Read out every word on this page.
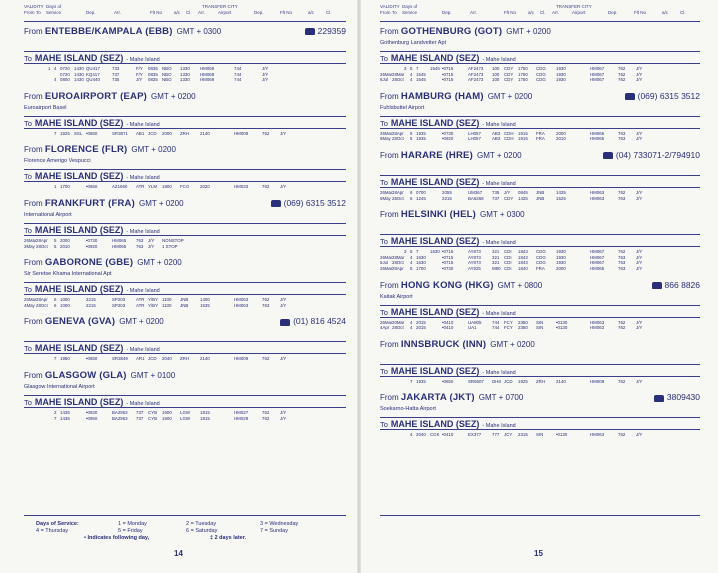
VALIDITY Days of	TRANSFER CITY
From To Service	Dep.	Arr.	Flt No	a/c Cl. Arr.	Airport	Dep.	Flt No	a/c	Cl.
From ENTEBBE/KAMPALA (EBB) GMT + 0300	229359
To MAHE ISLAND (SEZ) - Mahe Island
1 4 0720 1430 QU417	733	F/Y 0835 NBO 1330 HM069	744	J/Y
0720 1430 KQ417	737	F/Y 0835 NBO 1330 HM069	744	J/Y
4 0800 1430 QU440	735	J/Y 0835 NBO 1330 HM069	744	J/Y
From EUROAIRPORT (EAP) GMT + 0200
Euroairport Basel
To MAHE ISLAND (SEZ) - Mahe Island
7 1925 SSL •0650	SR3871 AB1 JCD 2000 ZRH 2140	HM009	762 J/Y
From FLORENCE (FLR) GMT + 0200
Florence Amerigo Vespucci
To MAHE ISLAND (SEZ) - Mahe Island
1 1700	•0650	AZ1660 ATR YLM 1800 FCO 2020	HM033	762 J/Y
From FRANKFURT (FRA) GMT + 0200	(069) 6315 3512
International Airport
To MAHE ISLAND (SEZ) - Mahe Island
26Mar 28Apr 5 2000	•0730	HM065 763 J/Y NONSTOP
3May 28Oct 5 2010	•0920	HM065 763 J/Y 1 STOP
From GABORONE (GBE) GMT + 0200
Sir Seretse Khama International Apt
To MAHE ISLAND (SEZ) - Mahe Island
26Mar 28Apr 6 1000	2215	SP203 ATR Y/BY 1100 JNB	1400	HM063	762 J/Y
4May 28Oct 6 1000	2215	SP203 ATR Y/BY 1100 JNB	1535	HM063	763 J/Y
From GENEVA (GVA) GMT + 0200	(01) 816 4524
To MAHE ISLAND (SEZ) - Mahe Island
7 1950	•0650	SR3849 AR1 JCD 2040 ZRH 2140	HM009	762 J/Y
From GLASGOW (GLA) GMT + 0100
Glasgow International Airport
To MAHE ISLAND (SEZ) - Mahe Island
2 1435	•0930	BA2963 737 CYB 1600 LGW 1815	HM027	762 J/Y
7 1435	•0950	BA2963 737 CYB 1600 LGW 1815	HM029	762 J/Y
Days of Service:	1 = Monday	2 = Tuesday	3 = Wednesday
4 = Thursday	5 = Friday	6 = Saturday	7 = Sunday
• Indicates following day,	‡ 2 days later.
14
VALIDITY Days of	TRANSFER CITY
From To Service	Dep.	Arr.	Flt No	a/c Cl. Arr.	Airport	Dep.	Flt No	a/c	Cl.
From GOTHENBURG (GOT) GMT + 0200
Gothenburg Landvetter Apt
To MAHE ISLAND (SEZ) - Mahe Island
3 5 7	1545 •0715	AF2473 100 CDY 1750 CDG 1930	HM067	762 J/Y
26Mar 28Mar 4 1545	•0715	AF2473 100 CDY 1750 CDG 1930	HM067	762 J/Y
6Jul 28Oct 4 1545	•0715	AF2473 100 CDY 1750 CDG 1930	HM067	762 J/Y
From HAMBURG (HAM) GMT + 0200	(069) 6315 3512
Fuhlsbuttel Airport
To MAHE ISLAND (SEZ) - Mahe Island
26Mar 28Apr 5 1935	•0730	LH057	AB3 CDH 1915 FRA	2000	HM065	763 J/Y
5May 28Oct 5 1935	•0920	LH057	AB3 CDH 1915 FRA	2010	HM065	763 J/Y
From HARARE (HRE) GMT + 0200	(04) 733071-2/794910
To MAHE ISLAND (SEZ) - Mahe Island
26Mar 28Apr 6 0700	2055	UM367 735 J/Y 0845 JNB	1435	HM063	762 J/Y
5May 28Oct 6 1245	2215	BA6268 737 CDY 1425 JNB	1525	HM063	763 J/Y
From HELSINKI (HEL) GMT + 0300
To MAHE ISLAND (SEZ) - Mahe Island
3 5 7	1630 •0715	AY873	321 CDI 1843 CDG 1930	HM067	762 J/Y
26Mar 28Mar 4 1630	•0715	AY873	321 CDI 1843 CDG 1930	HM067	763 J/Y
6Jul 28Oct 4 1630	•0715	AY873	321 CDI 1843 CDG 1930	HM067	763 J/Y
26Mar 28Apr 5 1700	•0730	AY925	M80 CDI 1840 FRA	2000	HM065	763 J/Y
From HONG KONG (HKG) GMT + 0800	866 8826
Kaitak Airport
To MAHE ISLAND (SEZ) - Mahe Island
26Mar 20Mar 4 2015	•0410	UA805 744 FCY 2350 SIN	•0130	HM063	762 J/Y
4Apr 28Oct 4 2015	•0410	UA1	744 FCY 2350 SIN	•0130	HM063	762 J/Y
From INNSBRUCK (INN) GMT + 0200
To MAHE ISLAND (SEZ) - Mahe Island
7 1935	•0650	SR6507 DH8 JCD 1925 ZRH 2140	HM009	762 J/Y
From JAKARTA (JKT) GMT + 0700	3809430
Soekarno-Hatta Airport
To MAHE ISLAND (SEZ) - Mahe Island
4 2040 CGK •0410	EX377 777 JCY 2315 SIN	•0130	HM063	762 J/Y
15
